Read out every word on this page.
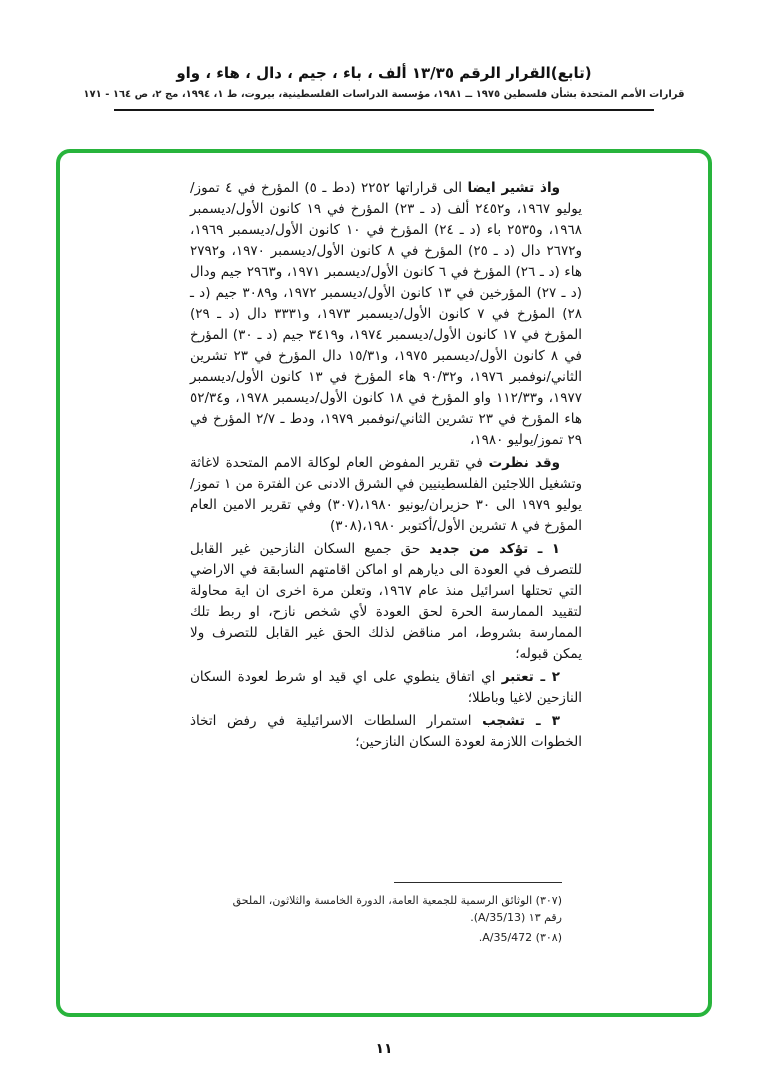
(تابع)القرار الرقم ١٣/٣٥ ألف ، باء ، جيم ، دال ، هاء ، واو
قرارات الأمم المتحدة بشأن فلسطين ١٩٧٥ ــ ١٩٨١، مؤسسة الدراسات الفلسطينية، بيروت، ط ١، ١٩٩٤، مج ٢، ص ١٦٤ - ١٧١

واذ تشير ايضا الى قراراتها ٢٢٥٢ (دط ـ ٥) المؤرخ في ٤ تموز/يوليو ١٩٦٧، و٢٤٥٢ ألف (د ـ ٢٣) المؤرخ في ١٩ كانون الأول/ديسمبر ١٩٦٨، و٢٥٣٥ باء (د ـ ٢٤) المؤرخ في ١٠ كانون الأول/ديسمبر ١٩٦٩، و٢٦٧٢ دال (د ـ ٢٥) المؤرخ في ٨ كانون الأول/ديسمبر ١٩٧٠، و٢٧٩٢ هاء (د ـ ٢٦) المؤرخ في ٦ كانون الأول/ديسمبر ١٩٧١، و٢٩٦٣ جيم ودال (د ـ ٢٧) المؤرخين في ١٣ كانون الأول/ديسمبر ١٩٧٢، و٣٠٨٩ جيم (د ـ ٢٨) المؤرخ في ٧ كانون الأول/ديسمبر ١٩٧٣، و٣٣٣١ دال (د ـ ٢٩) المؤرخ في ١٧ كانون الأول/ديسمبر ١٩٧٤، و٣٤١٩ جيم (د ـ ٣٠) المؤرخ في ٨ كانون الأول/ديسمبر ١٩٧٥، و١٥/٣١ دال المؤرخ في ٢٣ تشرين الثاني/نوفمبر ١٩٧٦، و٩٠/٣٢ هاء المؤرخ في ١٣ كانون الأول/ديسمبر ١٩٧٧، و١١٢/٣٣ واو المؤرخ في ١٨ كانون الأول/ديسمبر ١٩٧٨، و٥٢/٣٤ هاء المؤرخ في ٢٣ تشرين الثاني/نوفمبر ١٩٧٩، ودط ـ ٢/٧ المؤرخ في ٢٩ تموز/يوليو ١٩٨٠،

وقد نظرت في تقرير المفوض العام لوكالة الامم المتحدة لاغاثة وتشغيل اللاجئين الفلسطينيين في الشرق الادنى عن الفترة من ١ تموز/يوليو ١٩٧٩ الى ٣٠ حزيران/يونيو ١٩٨٠،(٣٠٧) وفي تقرير الامين العام المؤرخ في ٨ تشرين الأول/أكتوبر ١٩٨٠،(٣٠٨)

١ ـ تؤكد من جديد حق جميع السكان النازحين غير القابل للتصرف في العودة الى ديارهم او اماكن اقامتهم السابقة في الاراضي التي تحتلها اسرائيل منذ عام ١٩٦٧، وتعلن مرة اخرى ان اية محاولة لتقييد الممارسة الحرة لحق العودة لأي شخص نازح، او ربط تلك الممارسة بشروط، امر مناقض لذلك الحق غير القابل للتصرف ولا يمكن قبوله؛

٢ ـ تعتبر اي اتفاق ينطوي على اي قيد او شرط لعودة السكان النازحين لاغيا وباطلا؛

٣ ـ تشجب استمرار السلطات الاسرائيلية في رفض اتخاذ الخطوات اللازمة لعودة السكان النازحين؛

(٣٠٧) الوثائق الرسمية للجمعية العامة، الدورة الخامسة والثلاثون، الملحق رقم ١٣ (A/35/13).

(٣٠٨) A/35/472.

١١
